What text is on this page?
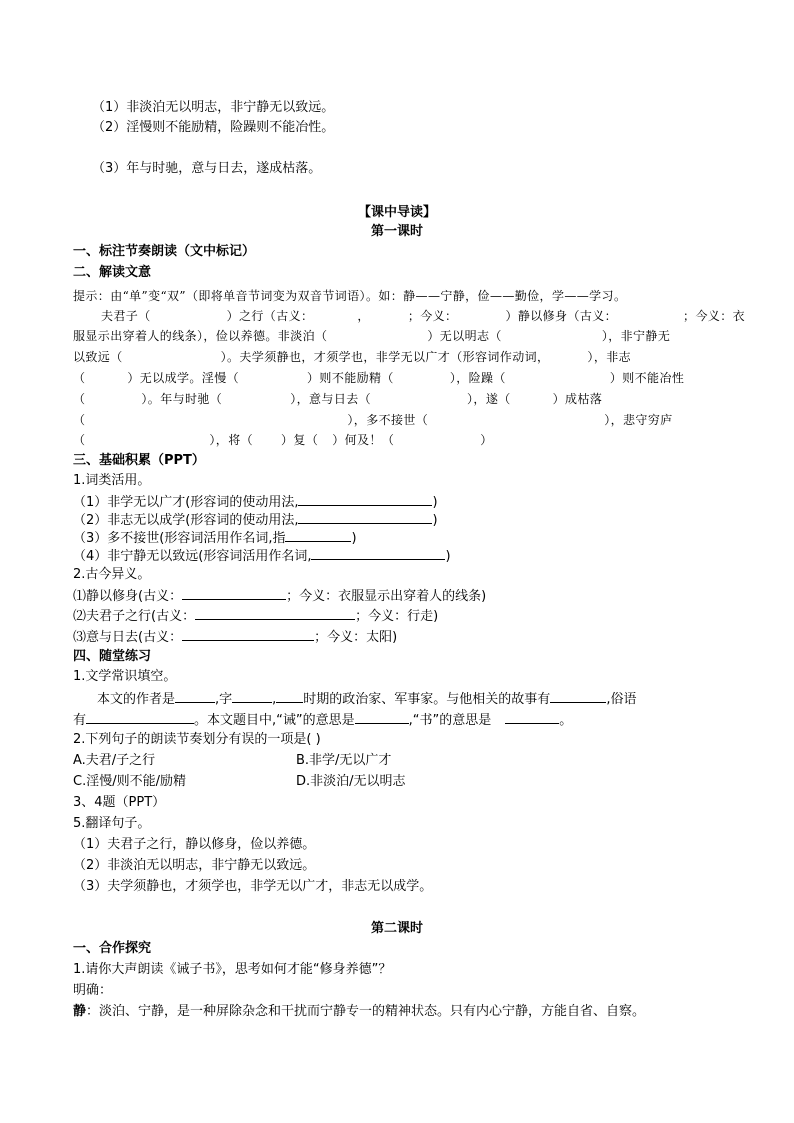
（1）非淡泊无以明志，非宁静无以致远。
（2）淫慢则不能励精，险躁则不能冶性。
（3）年与时驰，意与日去，遂成枯落。
【课中导读】
第一课时
一、标注节奏朗读（文中标记）
二、解读文意
提示：由“单”变“双”（即将单音节词变为双音节词语）。如：静——宁静，俭——勤俭，学——学习。
夫君子（	）之行（古义：	，	；今义：	）静以修身（古义：	；今义：衣
服显示出穿着人的线条），俭以养德。非淡泊（	）无以明志（	），非宁静无
以致远（	）。夫学须静也，才须学也，非学无以广才（形容词作动词，	），非志
（	）无以成学。淫慢（	）则不能励精（	），险躁（	）则不能冶性
（	）。年与时驰（	），意与日去（	），遂（	）成枯落
（	），多不接世（	），悲守穷庐
（	），将（ ）复（ ）何及！（	）
三、基础积累（PPT）
1.词类活用。
（1）非学无以广才(形容词的使动用法,	)
（2）非志无以成学(形容词的使动用法,	)
（3）多不接世(形容词活用作名词,指	)
（4）非宁静无以致远(形容词活用作名词,	)
2.古今异义。
⑴静以修身(古义：	；今义：衣服显示出穿着人的线条)
⑵夫君子之行(古义：	；今义：行走)
⑶意与日去(古义：	；今义：太阳)
四、随堂练习
1.文学常识填空。
本文的作者是	,字	, 时期的政治家、军事家。与他相关的故事有	,俗语
有	。本文题目中,“诫”的意思是	,“书”的意思是	。
2.下列句子的朗读节奏划分有误的一项是( )
A.夫君/子之行	B.非学/无以广才
C.淫慢/则不能/励精	D.非淡泊/无以明志
3、4题（PPT）
5.翻译句子。
（1）夫君子之行，静以修身，俭以养德。
（2）非淡泊无以明志，非宁静无以致远。
（3）夫学须静也，才须学也，非学无以广才，非志无以成学。
第二课时
一、合作探究
1.请你大声朗读《诫子书》，思考如何才能“修身养德”？
明确：
静：淡泊、宁静，是一种屏除杂念和干扰而宁静专一的精神状态。只有内心宁静，方能自省、自察。
